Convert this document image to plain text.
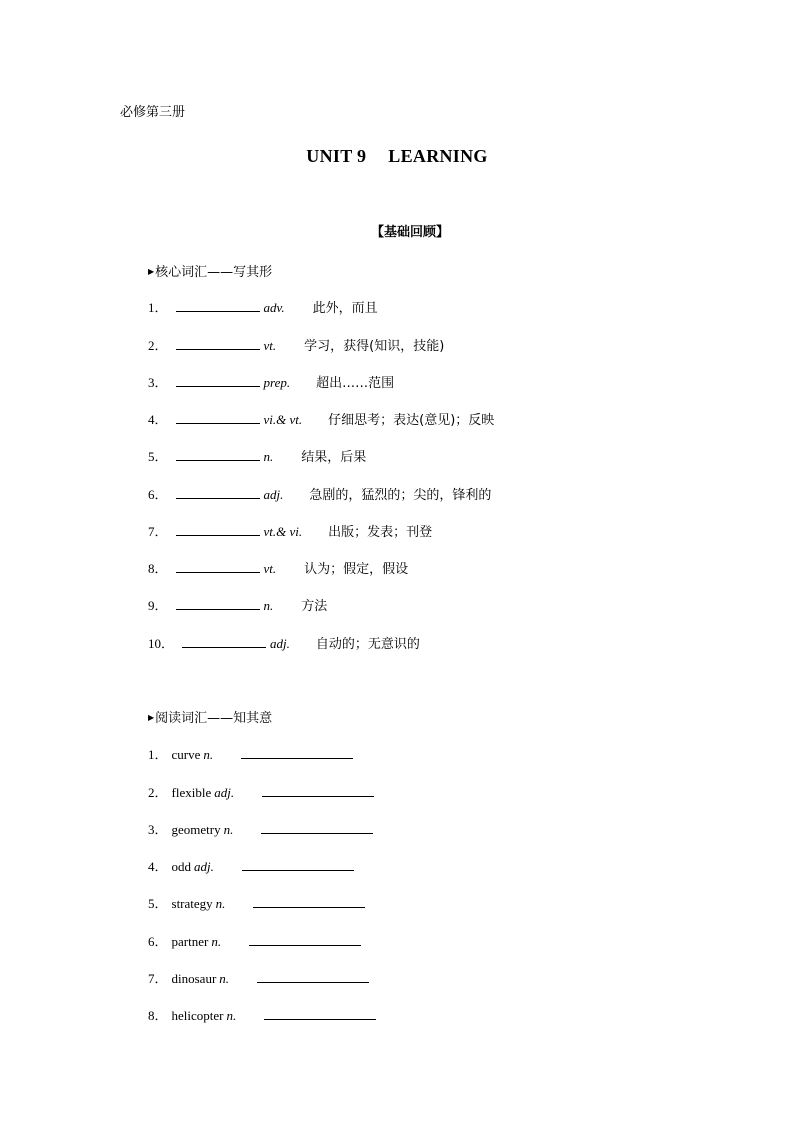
必修第三册
UNIT 9 LEARNING
【基础回顾】
▶核心词汇——写其形
1．	adv. 此外，而且
2．	vt. 学习，获得(知识，技能)
3．	prep. 超出……范围
4．	vi.& vt. 仔细思考；表达(意见)；反映
5．	n. 结果，后果
6．	adj. 急剧的，猛烈的；尖的，锋利的
7．	vt.& vi. 出版；发表；刊登
8．	vt. 认为；假定，假设
9．	n. 方法
10．	adj. 自动的；无意识的
▶阅读词汇——知其意
1． curve n.
2． flexible adj.
3． geometry n.
4． odd adj.
5． strategy n.
6． partner n.
7． dinosaur n.
8． helicopter n.
